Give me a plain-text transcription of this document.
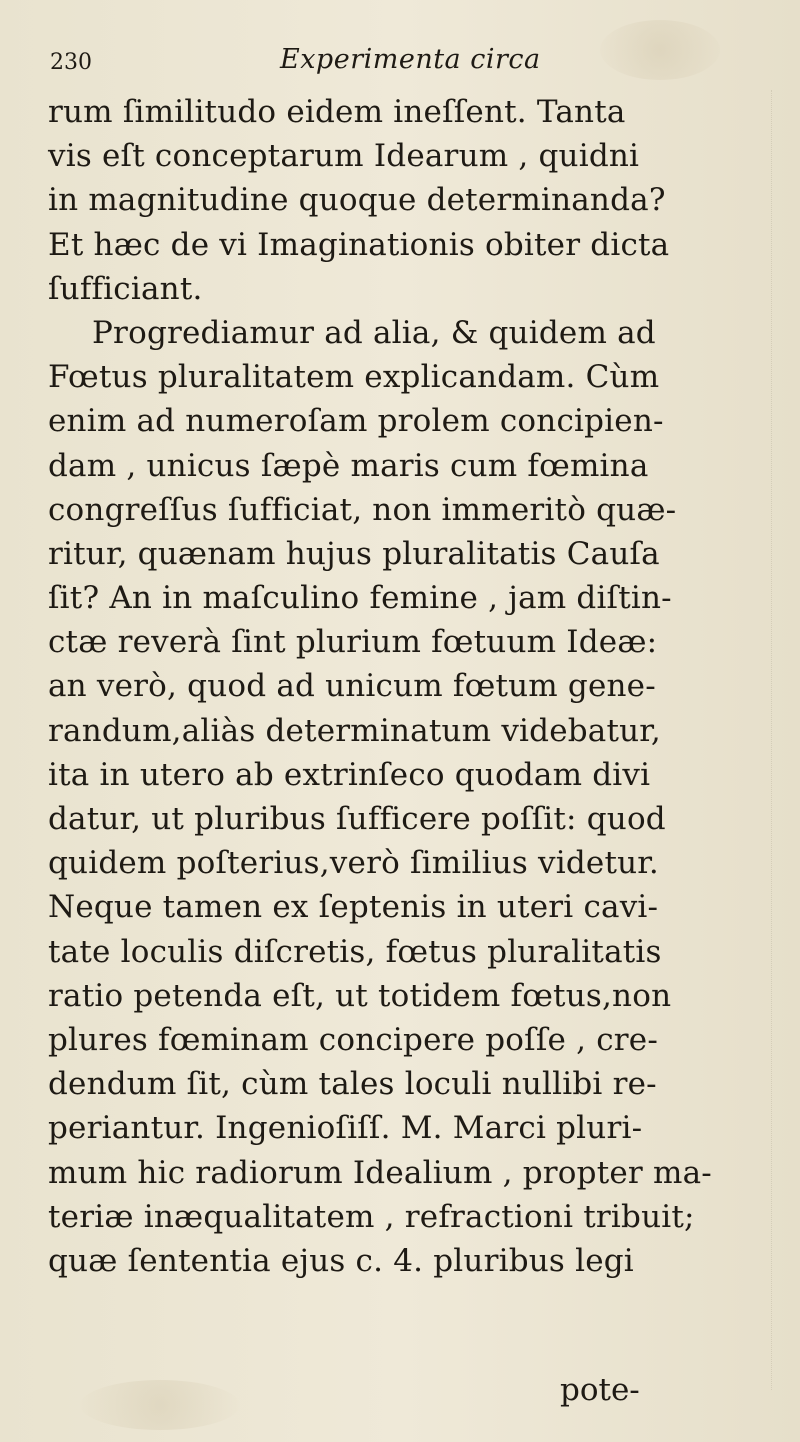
230	Experimenta circa
rum ſimilitudo eidem ineſſent. Tanta
vis eſt conceptarum Idearum , quidni
in magnitudine quoque determinanda?
Et hæc de vi Imaginationis obiter dicta
ſufficiant.
Progrediamur ad alia, & quidem ad
Fœtus pluralitatem explicandam. Cùm
enim ad numeroſam prolem concipien-
dam , unicus ſæpè maris cum fœmina
congreſſus ſufficiat, non immeritò quæ-
ritur, quænam hujus pluralitatis Cauſa
ſit? An in maſculino femine , jam diſtin-
ctæ reverà ſint plurium fœtuum Ideæ:
an verò, quod ad unicum fœtum gene-
randum,aliàs determinatum videbatur,
ita in utero ab extrinſeco quodam divi
datur, ut pluribus ſufficere poſſit: quod
quidem poſterius,verò ſimilius videtur.
Neque tamen ex ſeptenis in uteri cavi-
tate loculis diſcretis, fœtus pluralitatis
ratio petenda eſt, ut totidem fœtus,non
plures fœminam concipere poſſe , cre-
dendum ſit, cùm tales loculi nullibi re-
periantur. Ingenioſiſſ. M. Marci pluri-
mum hic radiorum Idealium , propter ma-
teriæ inæqualitatem , refractioni tribuit;
quæ ſententia ejus c. 4. pluribus legi
pote-
